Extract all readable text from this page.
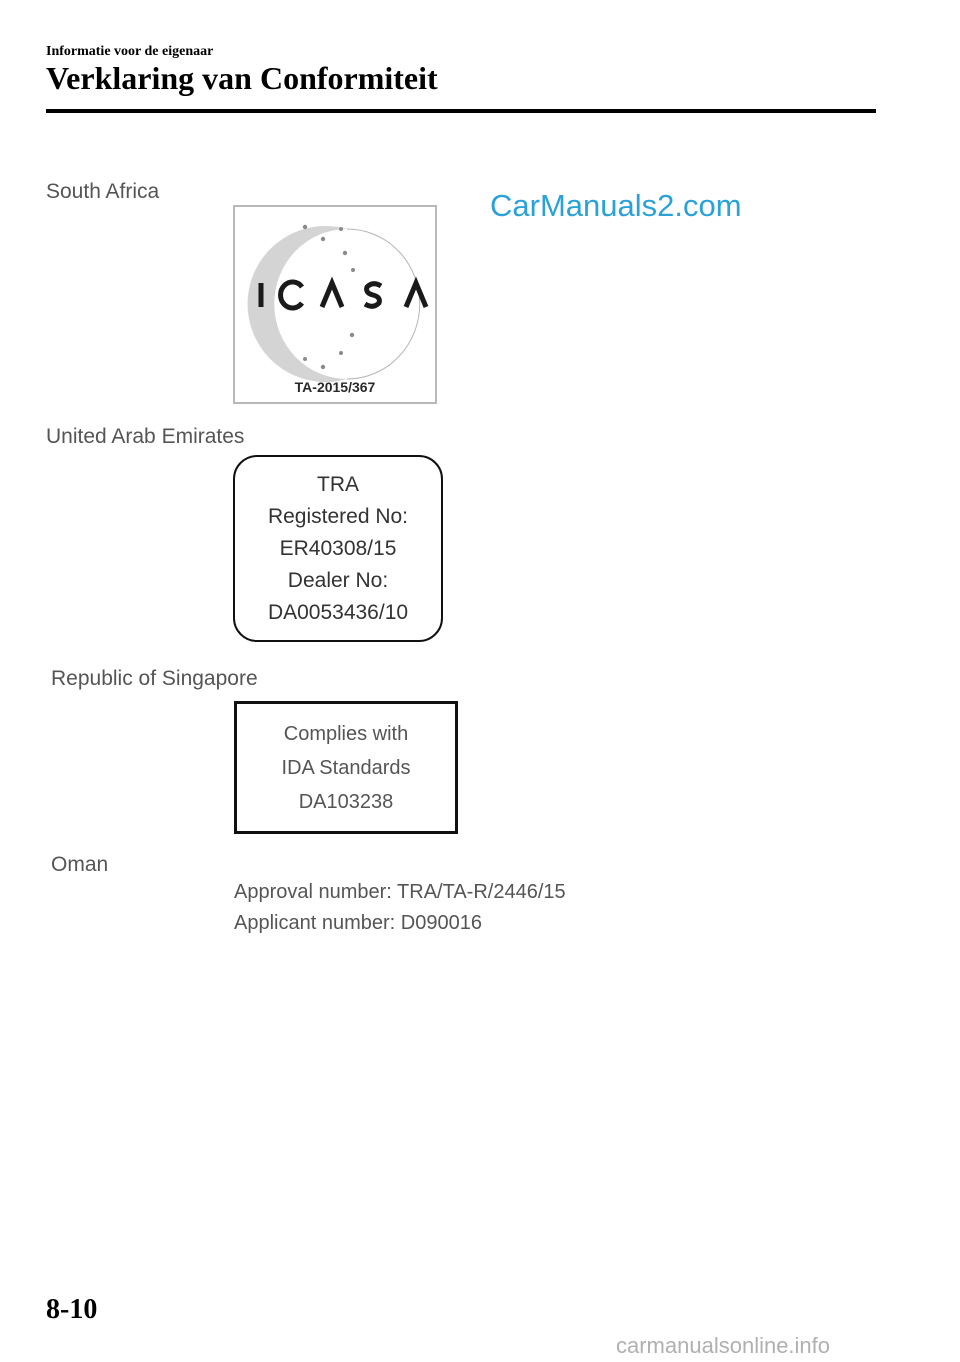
Informatie voor de eigenaar
Verklaring van Conformiteit
CarManuals2.com
South Africa
TA-2015/367
United Arab Emirates
TRA
Registered No:
ER40308/15
Dealer No:
DA0053436/10
Republic of Singapore
Complies with
IDA Standards
DA103238
Oman
Approval number: TRA/TA-R/2446/15
Applicant number: D090016
8-10
carmanualsonline.info
